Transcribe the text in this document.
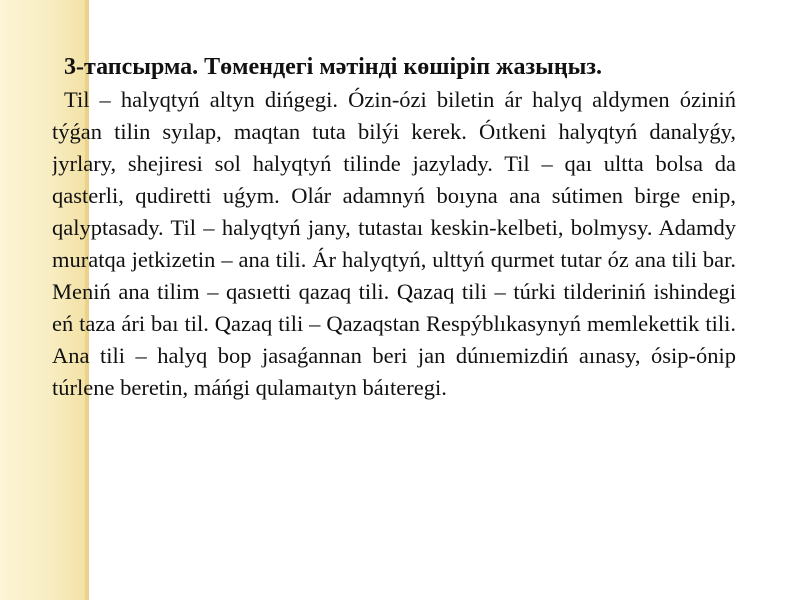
3-тапсырма. Төмендегі мәтінді көшіріп жазыңыз.

Til – halyqtyń altyn dińgegi. Ózin-ózi biletin ár halyq aldymen óziniń týǵan tilin syılap, maqtan tuta bilýi kerek. Óıtkeni halyqtyń danalyǵy, jyrlary, shejiresi sol halyqtyń tilinde jazylady. Til – qaı ultta bolsa da qasterli, qudiretti uǵym. Olár adamnyń boıyna ana sútimen birge enip, qalyptasady. Til – halyqtyń jany, tutastaı keskin-kelbeti, bolmysy. Adamdy muratqa jetkizetin – ana tili. Ár halyqtyń, ulttyń qurmet tutar óz ana tili bar. Meniń ana tilim – qasıetti qazaq tili. Qazaq tili – túrki tilderiniń ishindegi eń taza ári baı til. Qazaq tili – Qazaqstan Respýblıkasynyń memlekettik tili. Ana tili – halyq bop jasaǵannan beri jan dúnıemizdiń aınasy, ósip-ónip túrlene beretin, máńgi qulamaıtyn báıteregi.
